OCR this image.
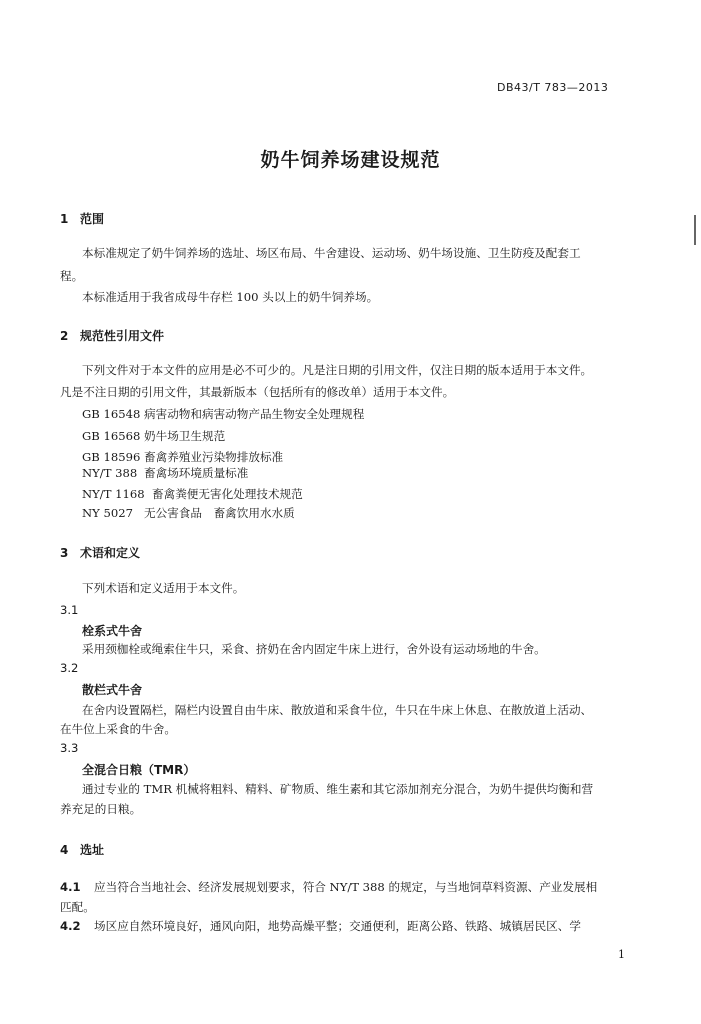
DB43/T 783—2013
奶牛饲养场建设规范
1 范围
本标准规定了奶牛饲养场的选址、场区布局、牛舍建设、运动场、奶牛场设施、卫生防疫及配套工
程。
本标准适用于我省成母牛存栏 100 头以上的奶牛饲养场。
2 规范性引用文件
下列文件对于本文件的应用是必不可少的。凡是注日期的引用文件，仅注日期的版本适用于本文件。
凡是不注日期的引用文件，其最新版本（包括所有的修改单）适用于本文件。
GB 16548 病害动物和病害动物产品生物安全处理规程
GB 16568 奶牛场卫生规范
GB 18596 畜禽养殖业污染物排放标准
NY/T 388 畜禽场环境质量标准
NY/T 1168 畜禽粪便无害化处理技术规范
NY 5027 无公害食品　畜禽饮用水水质
3 术语和定义
下列术语和定义适用于本文件。
3.1
栓系式牛舍
采用颈枷栓或绳索住牛只，采食、挤奶在舍内固定牛床上进行，舍外设有运动场地的牛舍。
3.2
散栏式牛舍
在舍内设置隔栏，隔栏内设置自由牛床、散放道和采食牛位，牛只在牛床上休息、在散放道上活动、
在牛位上采食的牛舍。
3.3
全混合日粮（TMR）
通过专业的 TMR 机械将粗料、精料、矿物质、维生素和其它添加剂充分混合，为奶牛提供均衡和营
养充足的日粮。
4 选址
4.1 应当符合当地社会、经济发展规划要求，符合 NY/T 388 的规定，与当地饲草料资源、产业发展相
匹配。
4.2 场区应自然环境良好，通风向阳，地势高燥平整；交通便利，距离公路、铁路、城镇居民区、学
1
